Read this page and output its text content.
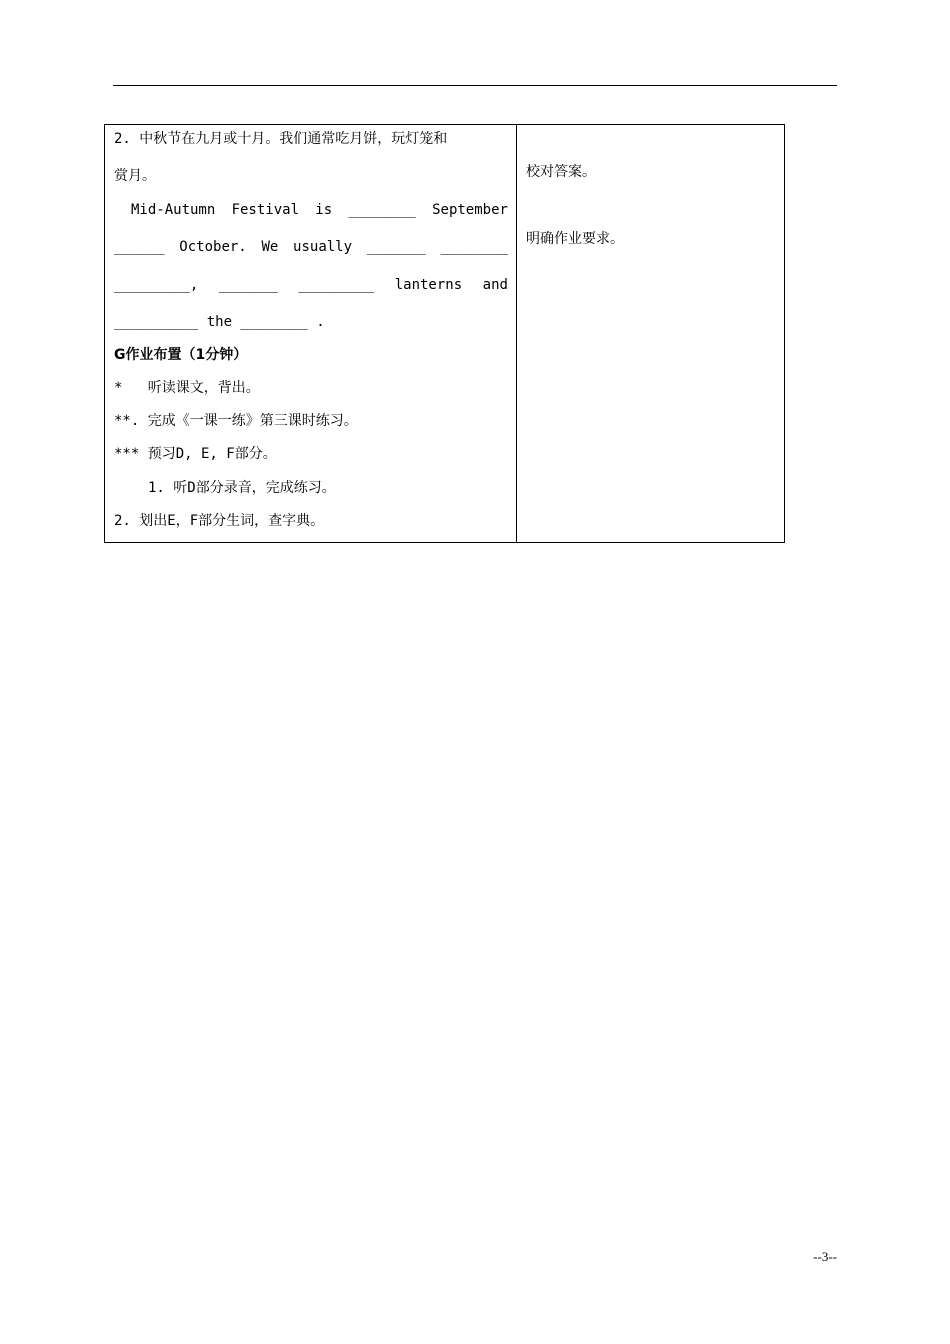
2. 中秋节在九月或十月。我们通常吃月饼，玩灯笼和
赏月。
Mid-Autumn Festival is ________ September
______ October. We usually _______ ________
_________, _______ _________ lanterns and
__________ the ________ .
G作业布置（1分钟）
*   听读课文，背出。
**. 完成《一课一练》第三课时练习。
*** 预习D, E, F部分。
1. 听D部分录音，完成练习。
2. 划出E，F部分生词，查字典。
校对答案。
明确作业要求。
--3--
